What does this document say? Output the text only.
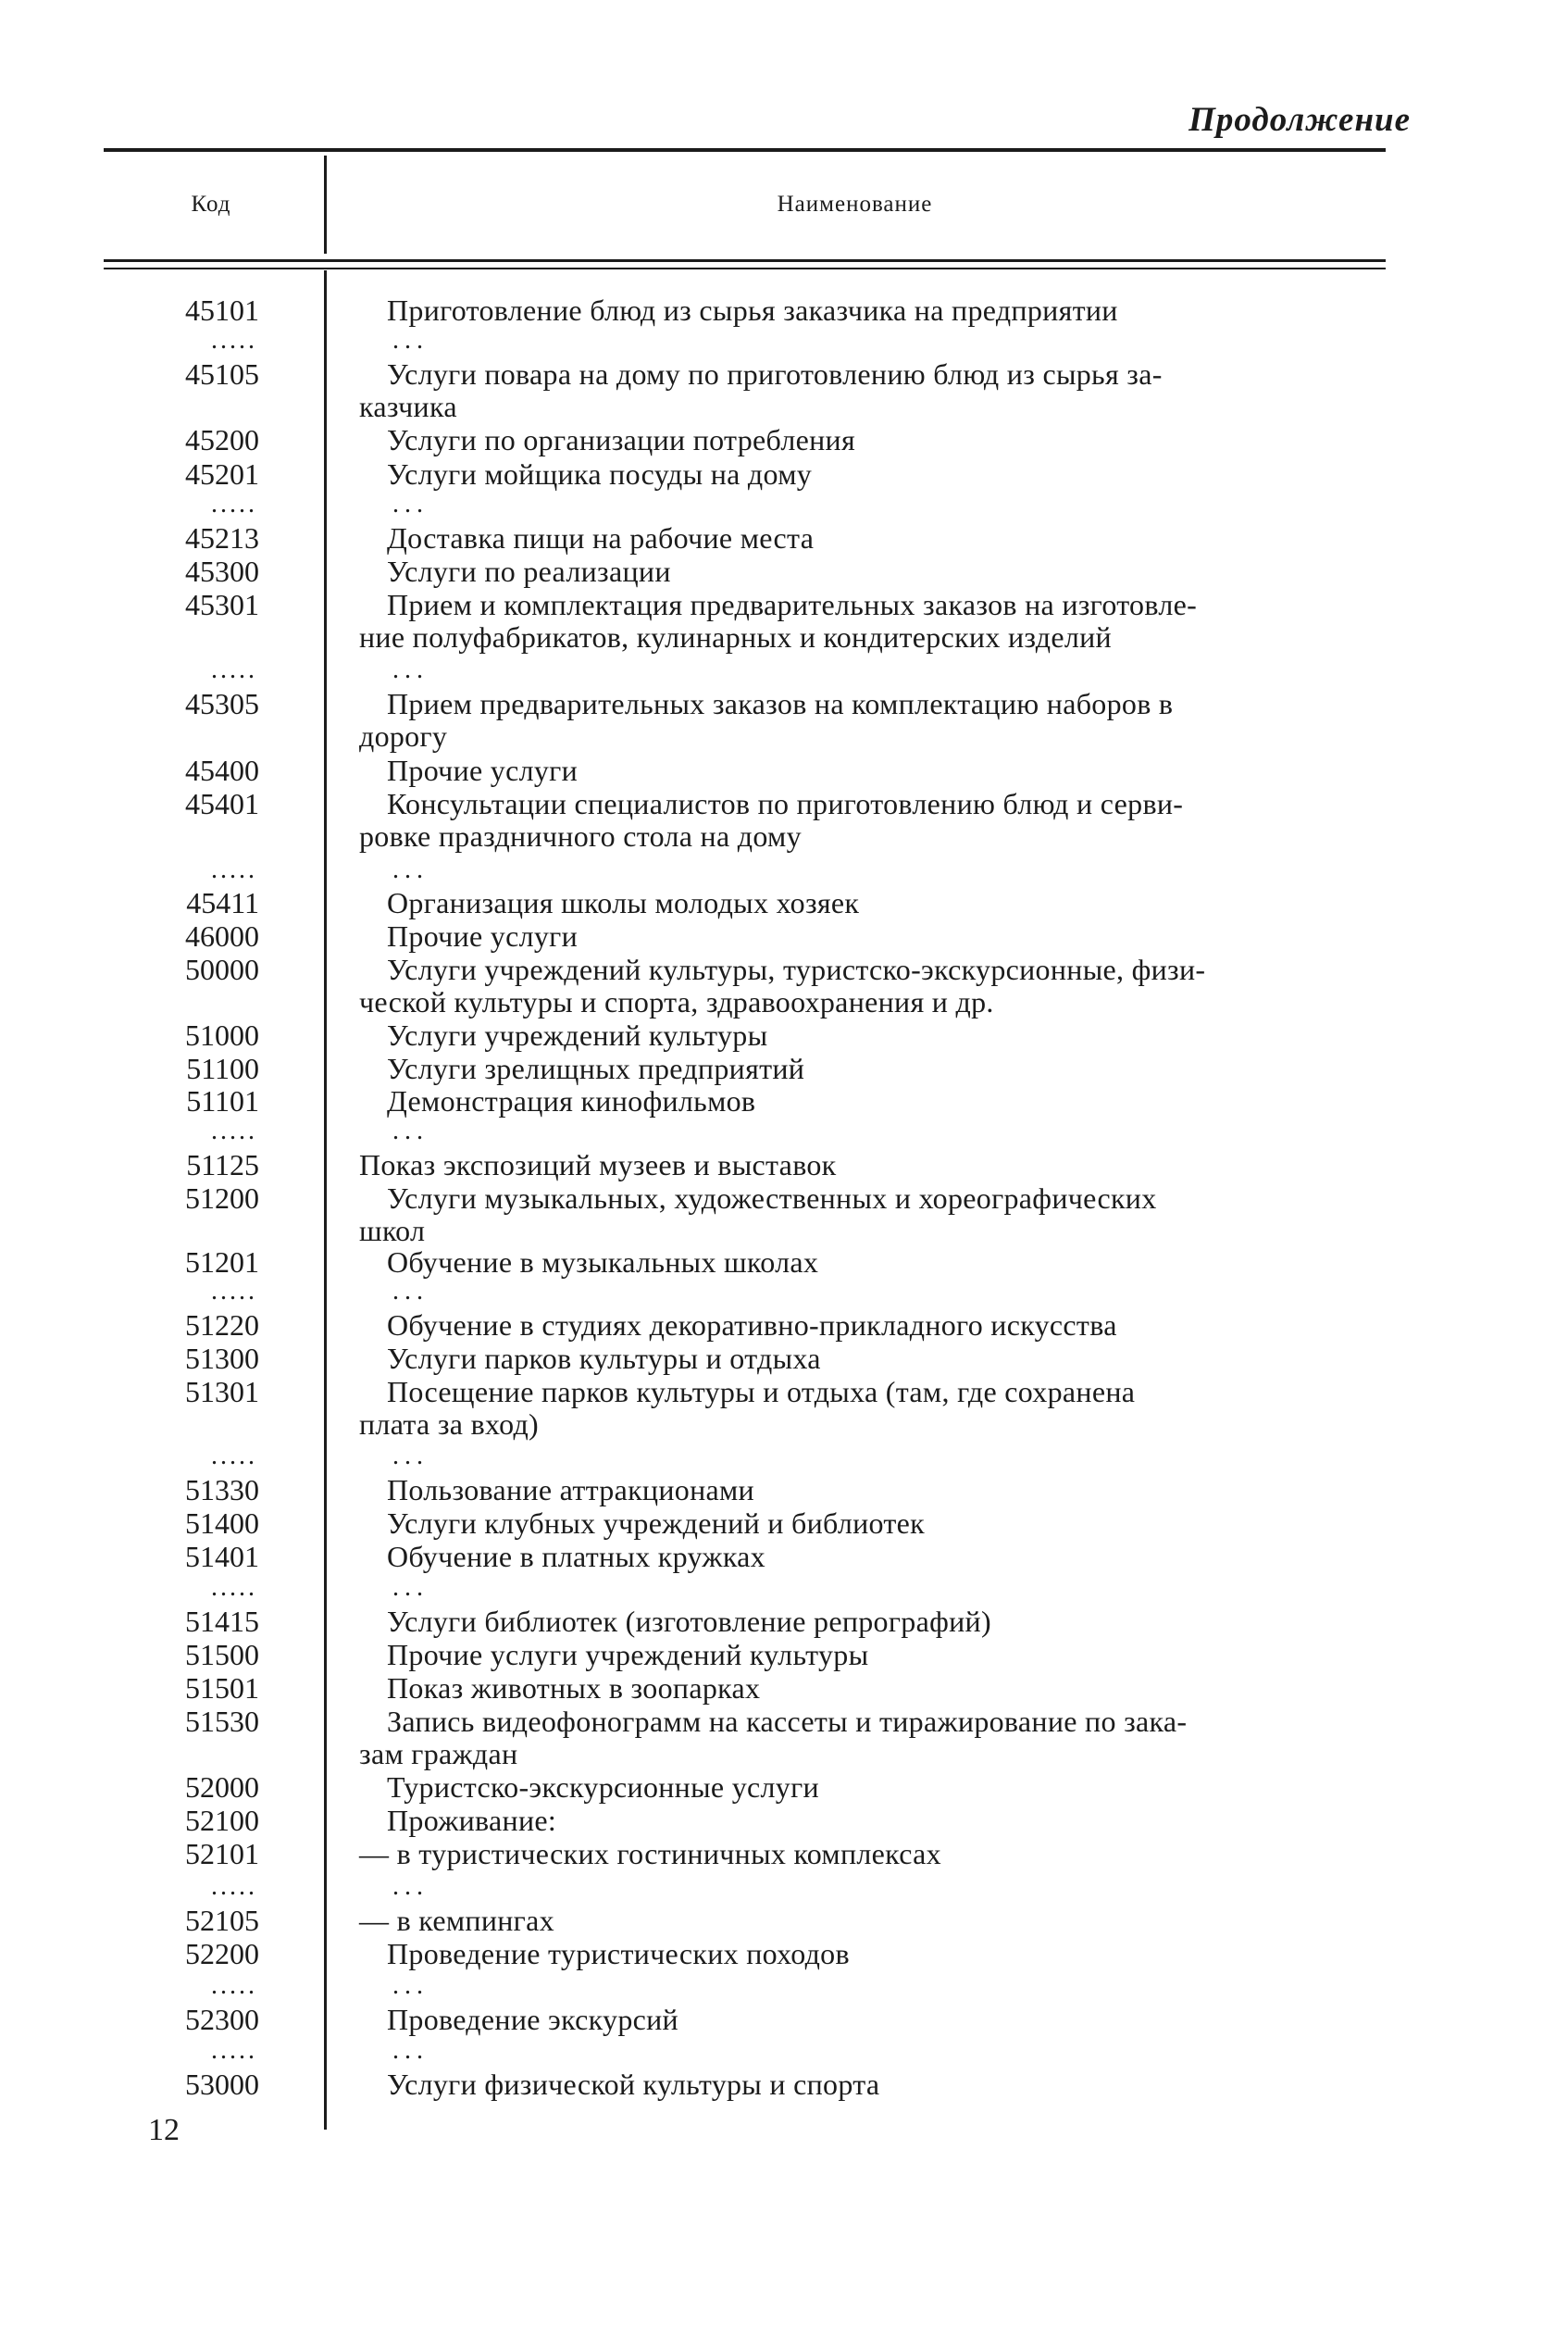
Продолжение
Код	Наименование
45101	Приготовление блюд из сырья заказчика на предприятии
.....	...
45105	Услуги повара на дому по приготовлению блюд из сырья за-
казчика
45200	Услуги по организации потребления
45201	Услуги мойщика посуды на дому
.....	...
45213	Доставка пищи на рабочие места
45300	Услуги по реализации
45301	Прием и комплектация предварительных заказов на изготовле-
ние полуфабрикатов, кулинарных и кондитерских изделий
.....	...
45305	Прием предварительных заказов на комплектацию наборов в
дорогу
45400	Прочие услуги
45401	Консультации специалистов по приготовлению блюд и серви-
ровке праздничного стола на дому
.....	...
45411	Организация школы молодых хозяек
46000	Прочие услуги
50000	Услуги учреждений культуры, туристско-экскурсионные, физи-
ческой культуры и спорта, здравоохранения и др.
51000	Услуги учреждений культуры
51100	Услуги зрелищных предприятий
51101	Демонстрация кинофильмов
.....	...
51125	Показ экспозиций музеев и выставок
51200	Услуги музыкальных, художественных и хореографических
школ
51201	Обучение в музыкальных школах
.....	...
51220	Обучение в студиях декоративно-прикладного искусства
51300	Услуги парков культуры и отдыха
51301	Посещение парков культуры и отдыха (там, где сохранена
плата за вход)
.....	...
51330	Пользование аттракционами
51400	Услуги клубных учреждений и библиотек
51401	Обучение в платных кружках
.....	...
51415	Услуги библиотек (изготовление репрографий)
51500	Прочие услуги учреждений культуры
51501	Показ животных в зоопарках
51530	Запись видеофонограмм на кассеты и тиражирование по зака-
зам граждан
52000	Туристско-экскурсионные услуги
52100	Проживание:
52101	— в туристических гостиничных комплексах
.....	...
52105	— в кемпингах
52200	Проведение туристических походов
.....	...
52300	Проведение экскурсий
.....	...
53000	Услуги физической культуры и спорта
12
